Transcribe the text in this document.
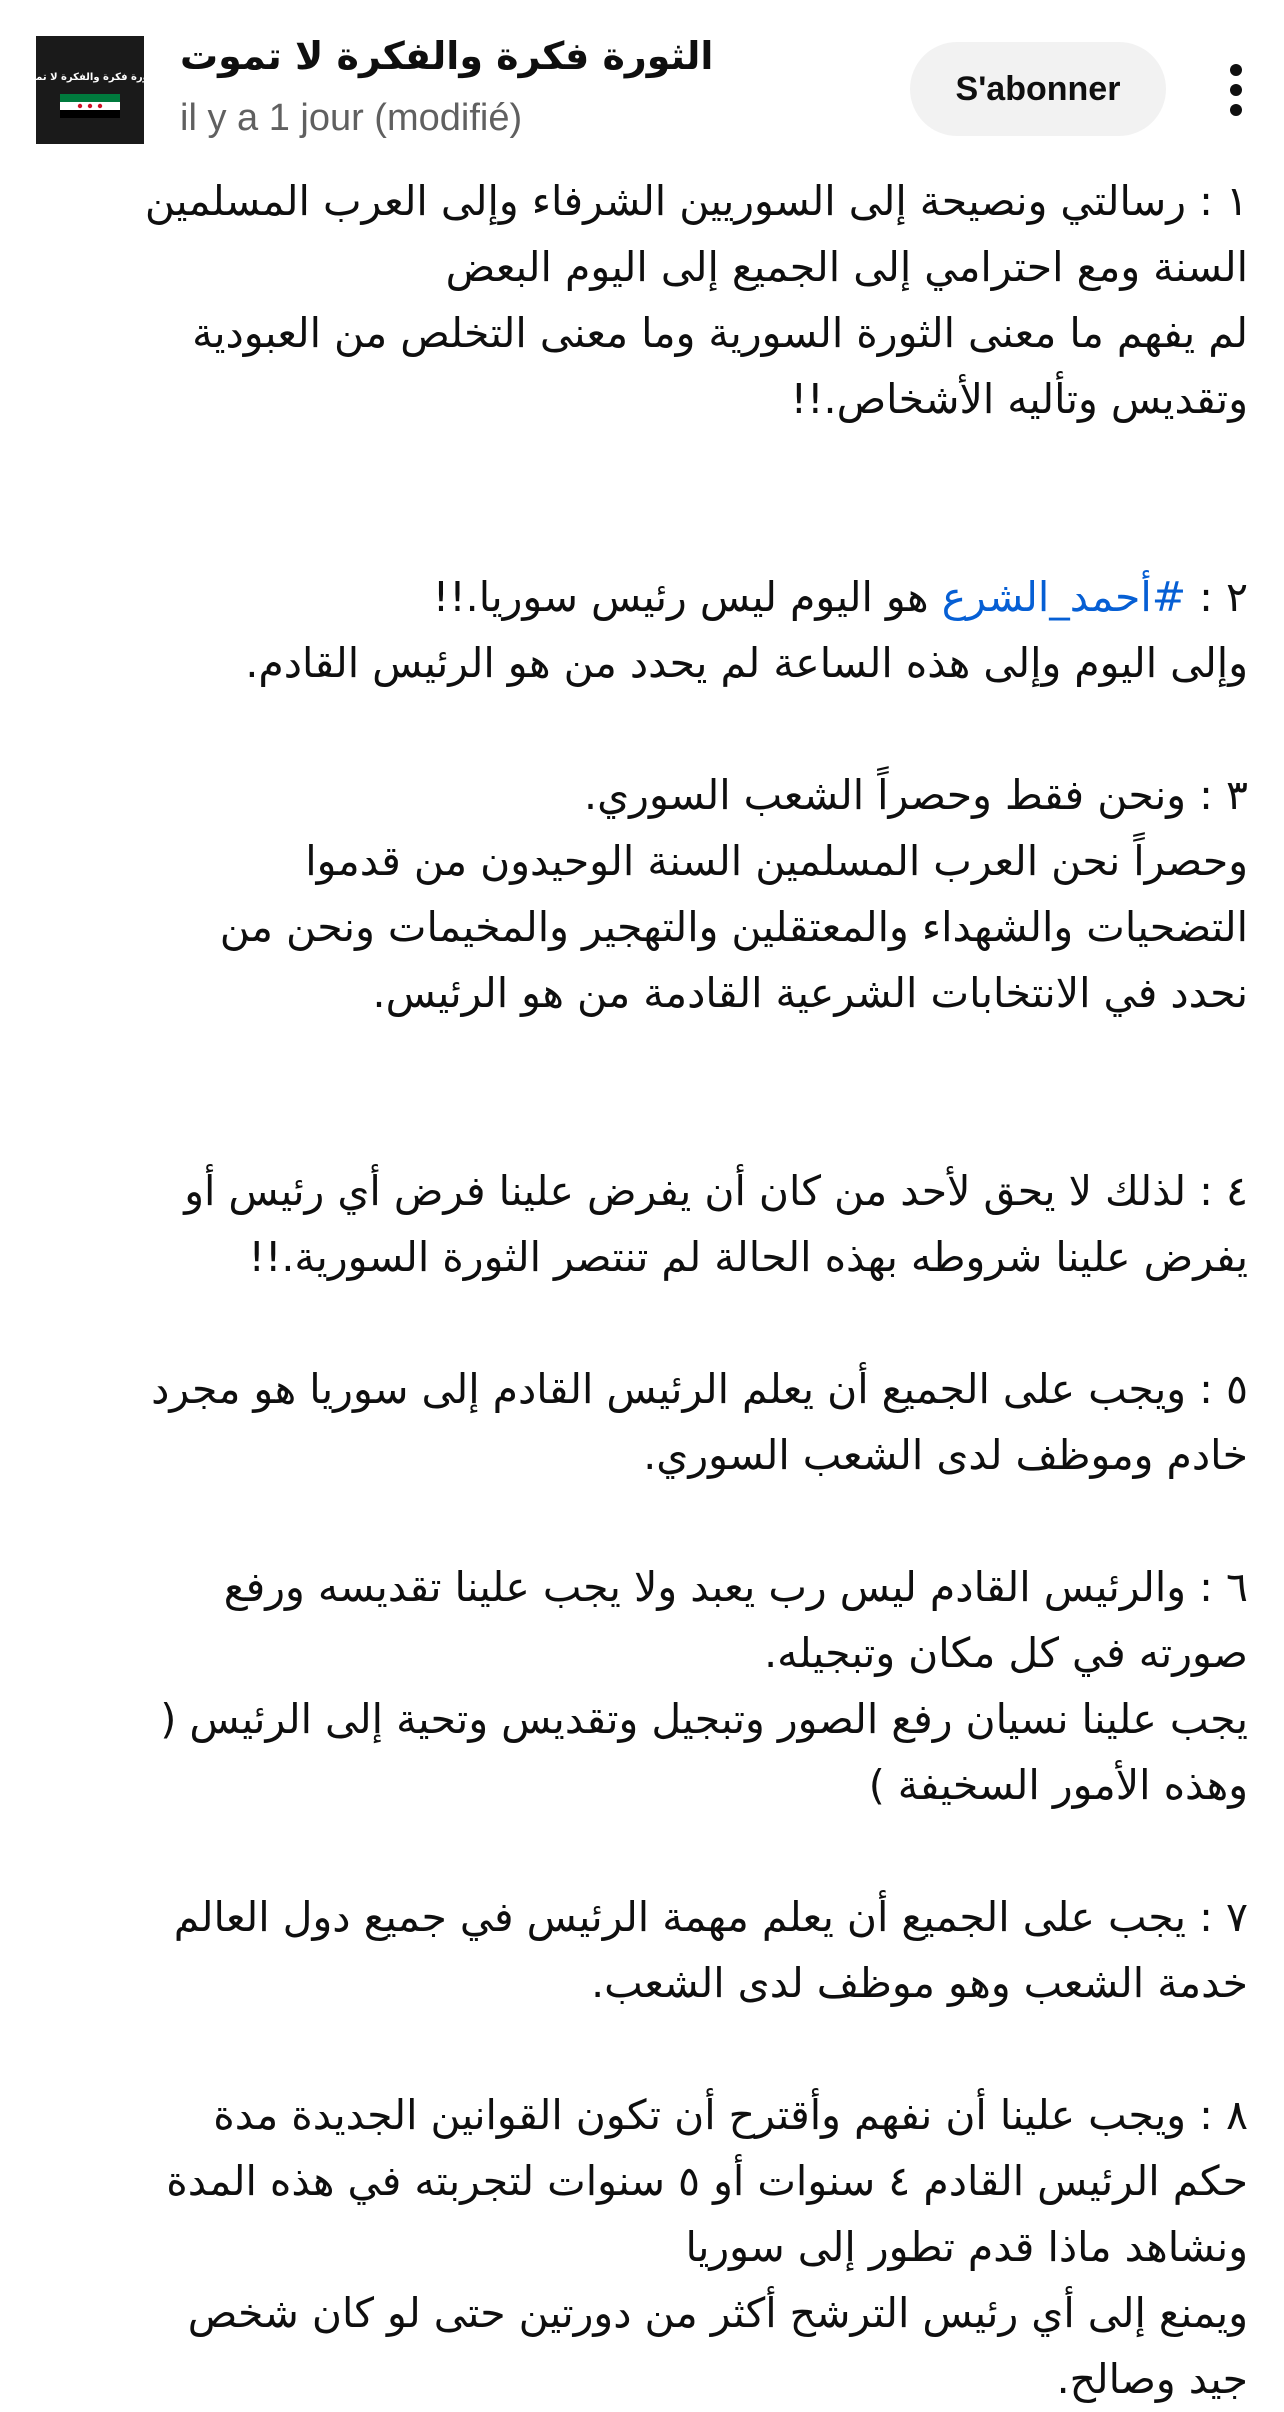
الثورة فكرة والفكرة لا تموت الثورة فكرة والفكرة لا تموت
il y a 1 jour (modifié)
S'abonner
١ : رسالتي ونصيحة إلى السوريين الشرفاء وإلى العرب المسلمين
السنة ومع احترامي إلى الجميع إلى اليوم البعض
لم يفهم ما معنى الثورة السورية وما معنى التخلص من العبودية
وتقديس وتأليه الأشخاص.!!
٢ : #أحمد_الشرع هو اليوم ليس رئيس سوريا.!!
وإلى اليوم وإلى هذه الساعة لم يحدد من هو الرئيس القادم.
٣ : ونحن فقط وحصراً الشعب السوري.
وحصراً نحن العرب المسلمين السنة الوحيدون من قدموا
التضحيات والشهداء والمعتقلين والتهجير والمخيمات ونحن من
نحدد في الانتخابات الشرعية القادمة من هو الرئيس.
٤ : لذلك لا يحق لأحد من كان أن يفرض علينا فرض أي رئيس أو
يفرض علينا شروطه بهذه الحالة لم تنتصر الثورة السورية.!!
٥ : ويجب على الجميع أن يعلم الرئيس القادم إلى سوريا هو مجرد
خادم وموظف لدى الشعب السوري.
٦ : والرئيس القادم ليس رب يعبد ولا يجب علينا تقديسه ورفع
صورته في كل مكان وتبجيله.
يجب علينا نسيان رفع الصور وتبجيل وتقديس وتحية إلى الرئيس (
وهذه الأمور السخيفة )
٧ : يجب على الجميع أن يعلم مهمة الرئيس في جميع دول العالم
خدمة الشعب وهو موظف لدى الشعب.
٨ : ويجب علينا أن نفهم وأقترح أن تكون القوانين الجديدة مدة
حكم الرئيس القادم ٤ سنوات أو ٥ سنوات لتجربته في هذه المدة
ونشاهد ماذا قدم تطور إلى سوريا
ويمنع إلى أي رئيس الترشح أكثر من دورتين حتى لو كان شخص
جيد وصالح.
